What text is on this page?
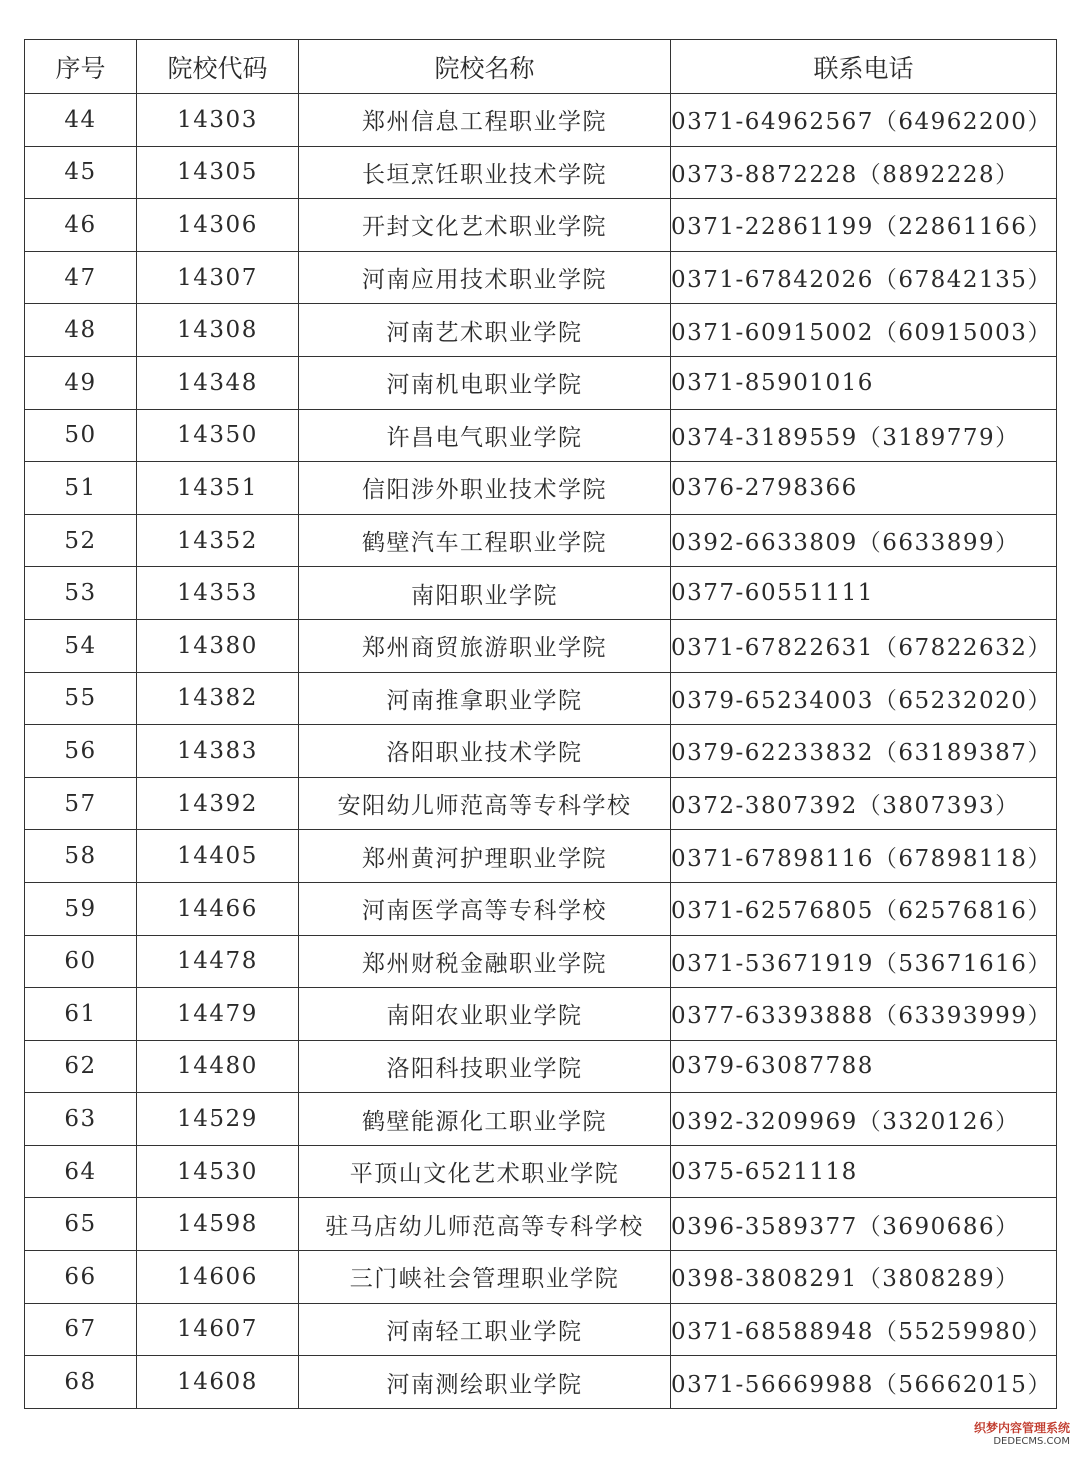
序号	院校代码	院校名称	联系电话
44	14303	郑州信息工程职业学院	0371-64962567（64962200）
45	14305	长垣烹饪职业技术学院	0373-8872228（8892228）
46	14306	开封文化艺术职业学院	0371-22861199（22861166）
47	14307	河南应用技术职业学院	0371-67842026（67842135）
48	14308	河南艺术职业学院	0371-60915002（60915003）
49	14348	河南机电职业学院	0371-85901016
50	14350	许昌电气职业学院	0374-3189559（3189779）
51	14351	信阳涉外职业技术学院	0376-2798366
52	14352	鹤壁汽车工程职业学院	0392-6633809（6633899）
53	14353	南阳职业学院	0377-60551111
54	14380	郑州商贸旅游职业学院	0371-67822631（67822632）
55	14382	河南推拿职业学院	0379-65234003（65232020）
56	14383	洛阳职业技术学院	0379-62233832（63189387）
57	14392	安阳幼儿师范高等专科学校	0372-3807392（3807393）
58	14405	郑州黄河护理职业学院	0371-67898116（67898118）
59	14466	河南医学高等专科学校	0371-62576805（62576816）
60	14478	郑州财税金融职业学院	0371-53671919（53671616）
61	14479	南阳农业职业学院	0377-63393888（63393999）
62	14480	洛阳科技职业学院	0379-63087788
63	14529	鹤壁能源化工职业学院	0392-3209969（3320126）
64	14530	平顶山文化艺术职业学院	0375-6521118
65	14598	驻马店幼儿师范高等专科学校	0396-3589377（3690686）
66	14606	三门峡社会管理职业学院	0398-3808291（3808289）
67	14607	河南轻工职业学院	0371-68588948（55259980）
68	14608	河南测绘职业学院	0371-56669988（56662015）
织梦内容管理系统
DEDECMS.COM
